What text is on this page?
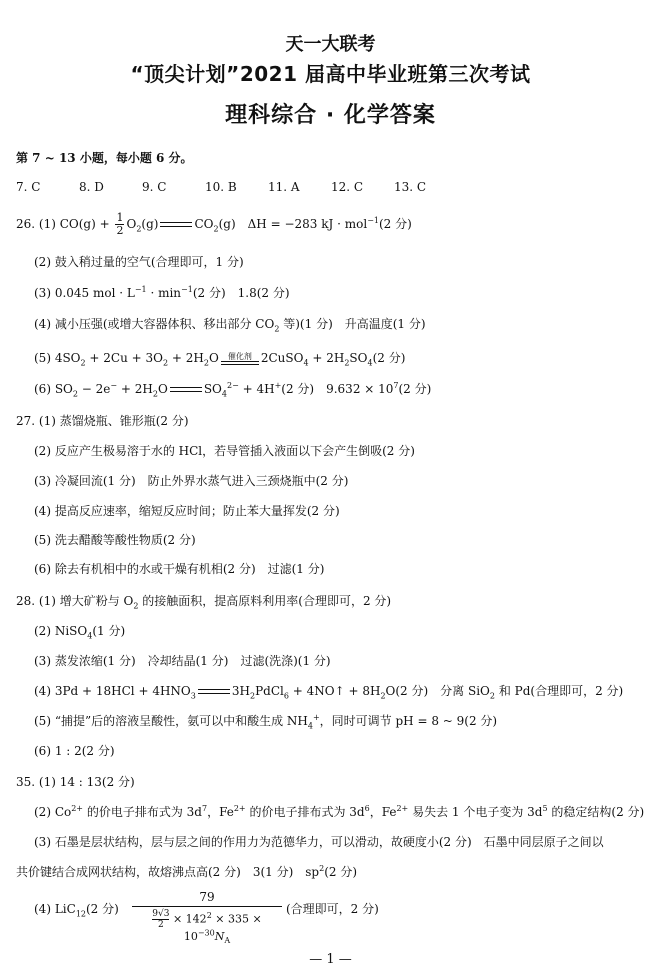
天一大联考
“顶尖计划”2021 届高中毕业班第三次考试
理科综合 · 化学答案
第 7 ~ 13 小题，每小题 6 分。
7. C	8. D	9. C	10. B	11. A	12. C	13. C
26. (1) $CO(g) + \frac{1}{2} O_2(g)$	$CO_2(g)$　ΔH = −283 kJ · mol$^{-1}$(2 分)
(2) 鼓入稍过量的空气(合理即可，1 分)
(3) 0.045 mol · $L^{-1} \cdot \min^{-1}(2$ 分)　1.8(2 分)
(4) 减小压强(或增大容器体积、移出部分 $CO_2$ 等)(1 分)　升高温度(1 分)
(5) $4SO_2 + 2Cu + 3O_2 + 2H_2O$	催化剂 2CuSO$_4$ + $2H_2SO_4(2$ 分)
(6) $SO_2 - 2e^- + 2H_2O$	$SO_4^{2-} + 4H^+(2$ 分)　$9.632 \times 10^7(2$ 分)
27. (1) 蒸馏烧瓶、锥形瓶(2 分)
(2) 反应产生极易溶于水的 HCl，若导管插入液面以下会产生倒吸(2 分)
(3) 冷凝回流(1 分)　防止外界水蒸气进入三颈烧瓶中(2 分)
(4) 提高反应速率，缩短反应时间；防止苯大量挥发(2 分)
(5) 洗去醋酸等酸性物质(2 分)
(6) 除去有机相中的水或干燥有机相(2 分)　过滤(1 分)
28. (1) 增大矿粉与 $O_2$ 的接触面积，提高原料利用率(合理即可，2 分)
(2) NiSO$_4$(1 分)
(3) 蒸发浓缩(1 分)　冷却结晶(1 分)　过滤(洗涤)(1 分)
(4) $3Pd + 18HCl + 4HNO_3$	$3H_2PdCl_6$ + 4NO↑ + $8H_2O(2$ 分)　分离 SiO$_2$ 和 Pd(合理即可，2 分)
(5) “捕提”后的溶液呈酸性，氨可以中和酸生成 $NH_4^+$，同时可调节 pH = 8 ~ 9(2 分)
(6) 1 : 2(2 分)
35. (1) 14 : 13(2 分)
(2) $Co^{2+}$ 的价电子排布式为 $3d^7$，$Fe^{2+}$ 的价电子排布式为 $3d^6$，$Fe^{2+}$ 易失去 1 个电子变为 $3d^5$ 的稳定结构(2 分)
(3) 石墨是层状结构，层与层之间的作用力为范德华力，可以滑动，故硬度小(2 分)　石墨中同层原子之间以
共价键结合成网状结构，故熔沸点高(2 分)　3(1 分)　$sp^2(2$ 分)
(4) LiC$_{12}$(2 分) $\frac{79}{\frac{9√3}{2} \times 142^2 \times 335 \times 10^{-30}N_A}$ (合理即可，2 分)
— 1 —
